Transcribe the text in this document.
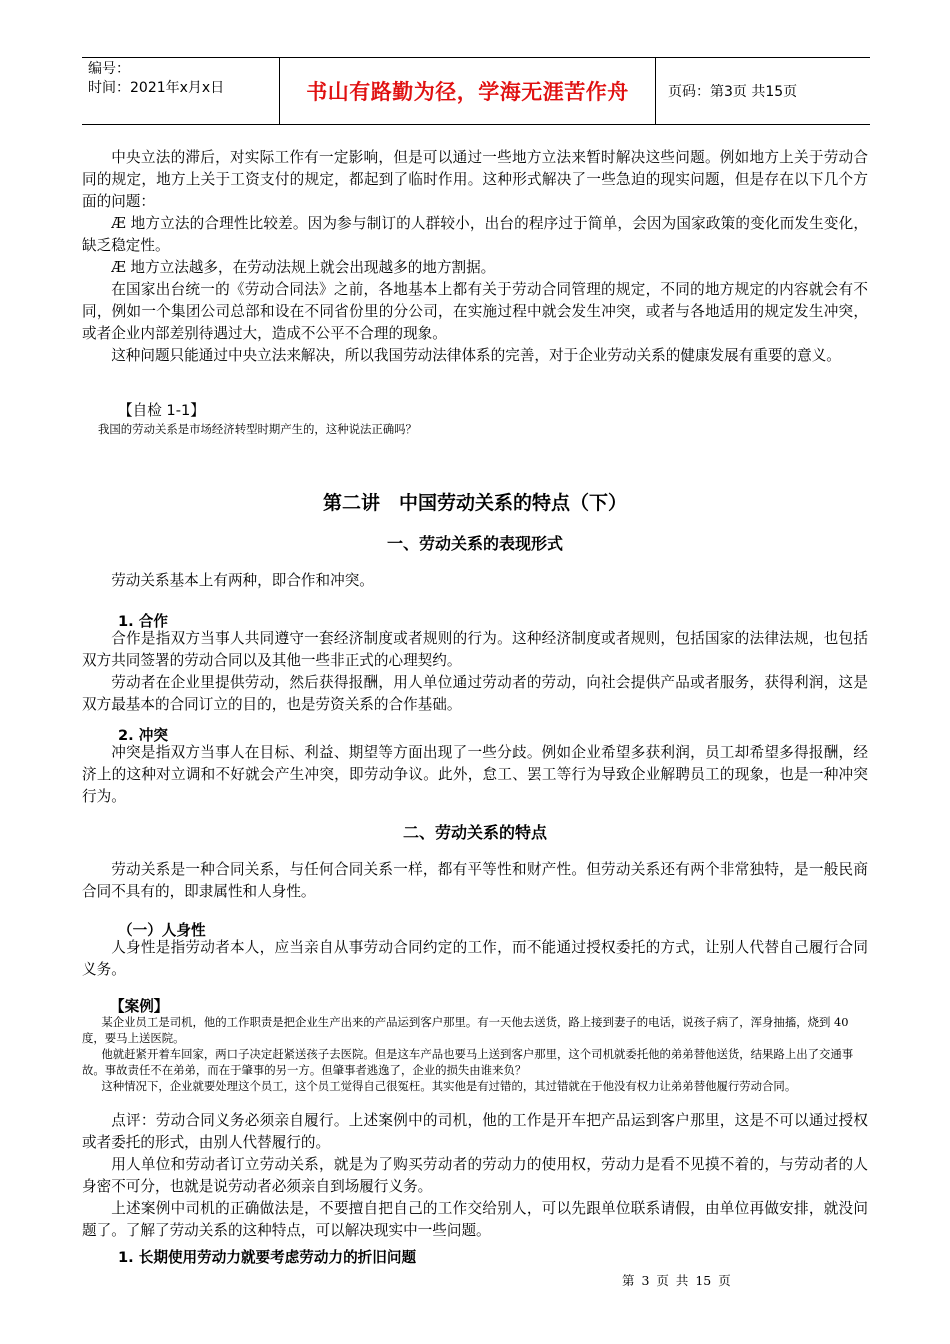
编号：
时间：2021年x月x日	书山有路勤为径，学海无涯苦作舟	页码：第3页 共15页

中央立法的滞后，对实际工作有一定影响，但是可以通过一些地方立法来暂时解决这些问题。例如地方上关于劳动合同的规定，地方上关于工资支付的规定，都起到了临时作用。这种形式解决了一些急迫的现实问题，但是存在以下几个方面的问题：

Æ 地方立法的合理性比较差。因为参与制订的人群较小，出台的程序过于简单，会因为国家政策的变化而发生变化，缺乏稳定性。

Æ 地方立法越多，在劳动法规上就会出现越多的地方割据。

在国家出台统一的《劳动合同法》之前，各地基本上都有关于劳动合同管理的规定，不同的地方规定的内容就会有不同，例如一个集团公司总部和设在不同省份里的分公司，在实施过程中就会发生冲突，或者与各地适用的规定发生冲突，或者企业内部差别待遇过大，造成不公平不合理的现象。

这种问题只能通过中央立法来解决，所以我国劳动法律体系的完善，对于企业劳动关系的健康发展有重要的意义。

【自检 1-1】

我国的劳动关系是市场经济转型时期产生的，这种说法正确吗？

第二讲　中国劳动关系的特点（下）
一、劳动关系的表现形式

劳动关系基本上有两种，即合作和冲突。

1. 合作

合作是指双方当事人共同遵守一套经济制度或者规则的行为。这种经济制度或者规则，包括国家的法律法规，也包括双方共同签署的劳动合同以及其他一些非正式的心理契约。

劳动者在企业里提供劳动，然后获得报酬，用人单位通过劳动者的劳动，向社会提供产品或者服务，获得利润，这是双方最基本的合同订立的目的，也是劳资关系的合作基础。

2. 冲突

冲突是指双方当事人在目标、利益、期望等方面出现了一些分歧。例如企业希望多获利润，员工却希望多得报酬，经济上的这种对立调和不好就会产生冲突，即劳动争议。此外，怠工、罢工等行为导致企业解聘员工的现象，也是一种冲突行为。

二、劳动关系的特点

劳动关系是一种合同关系，与任何合同关系一样，都有平等性和财产性。但劳动关系还有两个非常独特，是一般民商合同不具有的，即隶属性和人身性。

（一）人身性

人身性是指劳动者本人，应当亲自从事劳动合同约定的工作，而不能通过授权委托的方式，让别人代替自己履行合同义务。

【案例】

某企业员工是司机，他的工作职责是把企业生产出来的产品运到客户那里。有一天他去送货，路上接到妻子的电话，说孩子病了，浑身抽搐，烧到 40 度，要马上送医院。

他就赶紧开着车回家，两口子决定赶紧送孩子去医院。但是这车产品也要马上送到客户那里，这个司机就委托他的弟弟替他送货，结果路上出了交通事故。事故责任不在弟弟，而在于肇事的另一方。但肇事者逃逸了，企业的损失由谁来负？

这种情况下，企业就要处理这个员工，这个员工觉得自己很冤枉。其实他是有过错的，其过错就在于他没有权力让弟弟替他履行劳动合同。

点评：劳动合同义务必须亲自履行。上述案例中的司机，他的工作是开车把产品运到客户那里，这是不可以通过授权或者委托的形式，由别人代替履行的。

用人单位和劳动者订立劳动关系，就是为了购买劳动者的劳动力的使用权，劳动力是看不见摸不着的，与劳动者的人身密不可分，也就是说劳动者必须亲自到场履行义务。

上述案例中司机的正确做法是，不要擅自把自己的工作交给别人，可以先跟单位联系请假，由单位再做安排，就没问题了。了解了劳动关系的这种特点，可以解决现实中一些问题。

1. 长期使用劳动力就要考虑劳动力的折旧问题

第 3 页 共 15 页
